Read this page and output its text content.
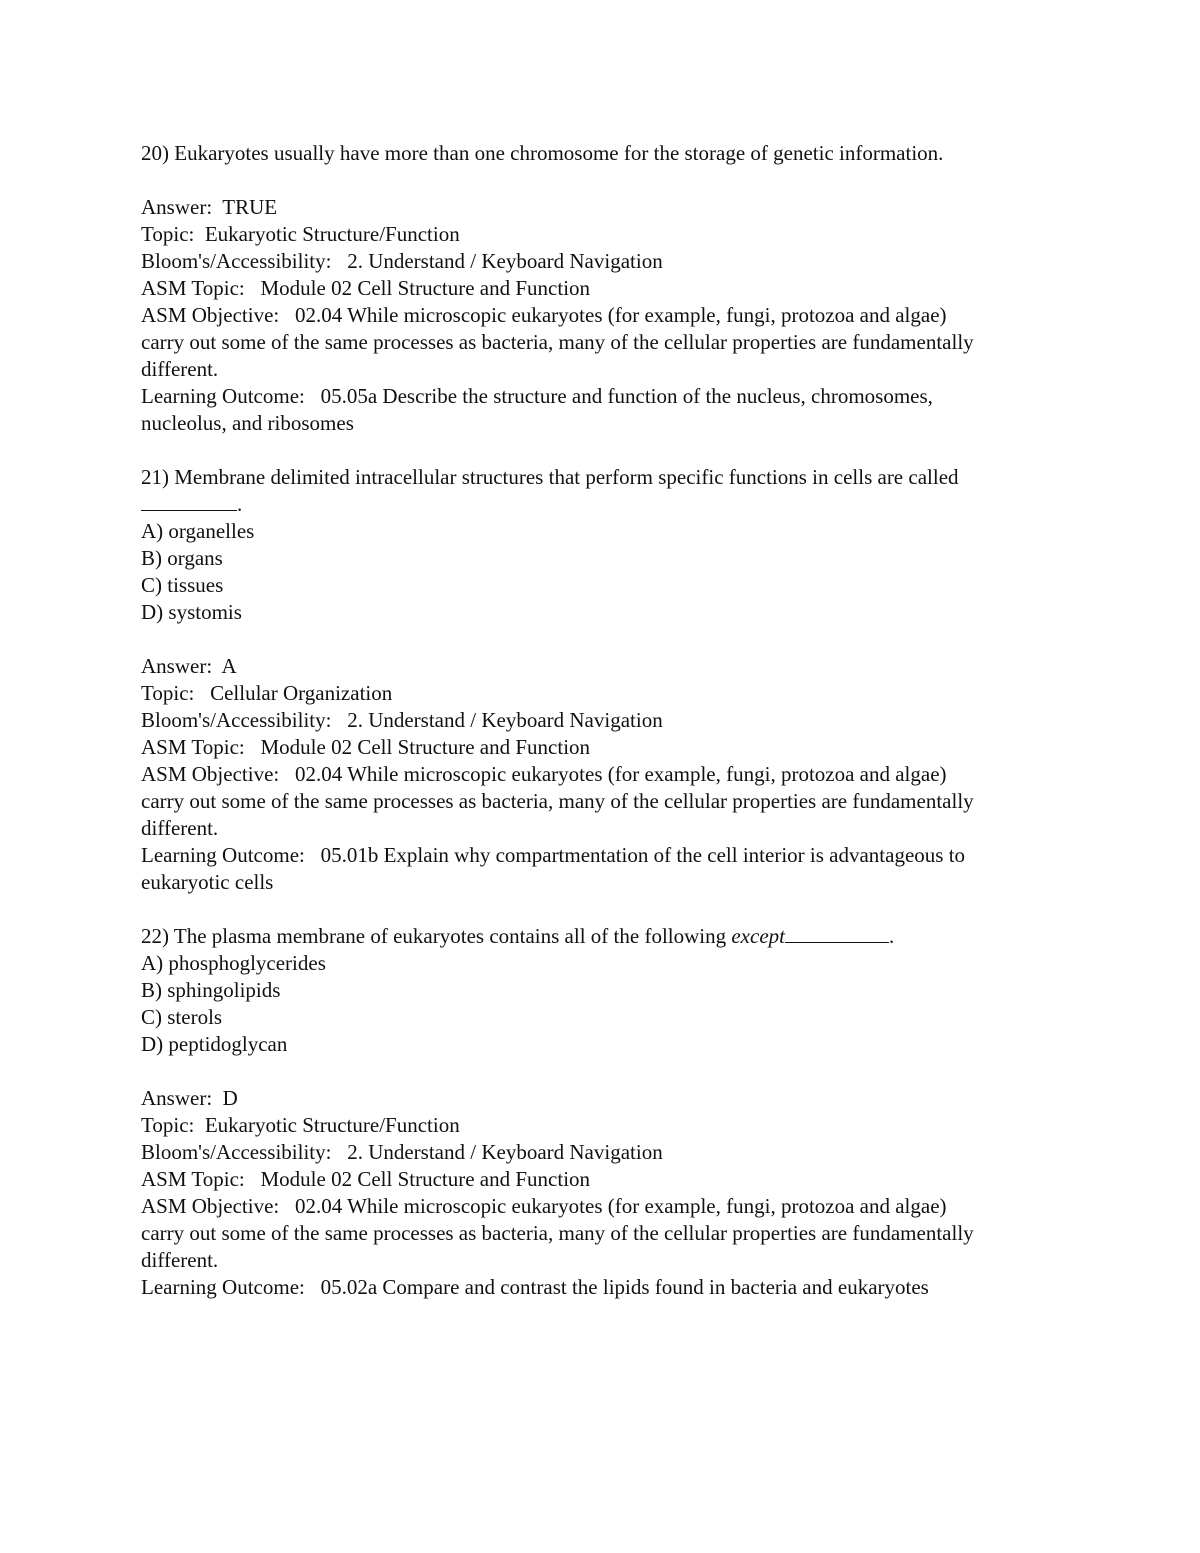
20) Eukaryotes usually have more than one chromosome for the storage of genetic information.
Answer:  TRUE
Topic:  Eukaryotic Structure/Function
Bloom's/Accessibility:   2. Understand / Keyboard Navigation
ASM Topic:   Module 02 Cell Structure and Function
ASM Objective:   02.04 While microscopic eukaryotes (for example, fungi, protozoa and algae)
carry out some of the same processes as bacteria, many of the cellular properties are fundamentally
different.
Learning Outcome:   05.05a Describe the structure and function of the nucleus, chromosomes,
nucleolus, and ribosomes
21) Membrane delimited intracellular structures that perform specific functions in cells are called
.
A) organelles
B) organs
C) tissues
D) systomis
Answer:  A
Topic:   Cellular Organization
Bloom's/Accessibility:   2. Understand / Keyboard Navigation
ASM Topic:   Module 02 Cell Structure and Function
ASM Objective:   02.04 While microscopic eukaryotes (for example, fungi, protozoa and algae)
carry out some of the same processes as bacteria, many of the cellular properties are fundamentally
different.
Learning Outcome:   05.01b Explain why compartmentation of the cell interior is advantageous to
eukaryotic cells
22) The plasma membrane of eukaryotes contains all of the following except	.
A) phosphoglycerides
B) sphingolipids
C) sterols
D) peptidoglycan
Answer:  D
Topic:  Eukaryotic Structure/Function
Bloom's/Accessibility:   2. Understand / Keyboard Navigation
ASM Topic:   Module 02 Cell Structure and Function
ASM Objective:   02.04 While microscopic eukaryotes (for example, fungi, protozoa and algae)
carry out some of the same processes as bacteria, many of the cellular properties are fundamentally
different.
Learning Outcome:   05.02a Compare and contrast the lipids found in bacteria and eukaryotes
